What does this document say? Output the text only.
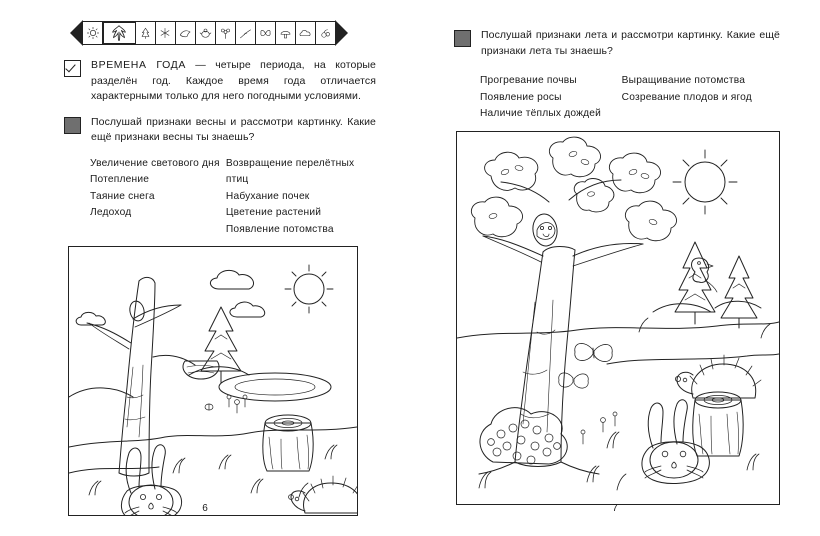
ВРЕМЕНА ГОДА — четыре периода, на которые разделён год. Каждое время года отличается характерными только для него погодными условиями.
Послушай признаки весны и рассмотри картинку. Какие ещё признаки весны ты знаешь?
Увеличение светового дня
Потепление
Таяние снега
Ледоход
Возвращение перелётных птиц
Набухание почек
Цветение растений
Появление потомства
6
Послушай признаки лета и рассмотри картинку. Какие ещё признаки лета ты знаешь?
Прогревание почвы
Появление росы
Наличие тёплых дождей
Выращивание потомства
Созревание плодов и ягод
7
